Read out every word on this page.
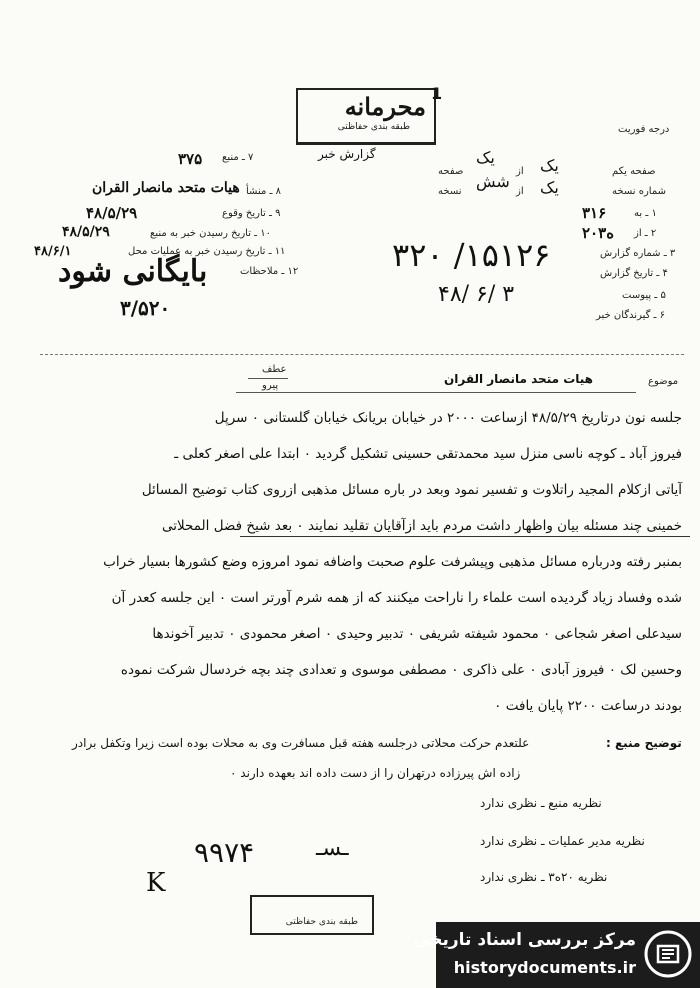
محرمانه
طبقه بندی حفاظتی
1
گزارش خبر
درجه فوریت
۷ ـ منبع
۳۷۵
۸ ـ منشأ
هیات متحد مانصار القران
۹ ـ تاریخ وقوع
۴۸/۵/۲۹
۱۰ ـ تاریخ رسیدن خبر به منبع
۴۸/۵/۲۹
۱۱ ـ تاریخ رسیدن خبر به عملیات محل
۴۸/۶/۱
۱۲ ـ ملاحظات
بایگانی شود
۳/۵۲۰
صفحه یکم
شماره نسخه
یک
از
یک
صفحه
یک
از
شش
نسخه
۱ ـ به
۳۱۶
۲ ـ از
۲۰ه۳
۳ ـ شماره گزارش
۴ ـ تاریخ گزارش
۵ ـ پیوست
۶ ـ گیرندگان خبر
۳۲۰ /۱۵۱۲۶
۴۸/ ۶/ ۳
موضوع
هیات متحد مانصار القران
عطف
پیرو
جلسه نون درتاریخ ۴۸/۵/۲۹ ازساعت ۲۰۰۰ در خیابان بریانک خیابان گلستانی ۰ سرپل
فیروز آباد ـ کوچه ناسی منزل سید محمدتقی حسینی تشکیل گردید ۰ ابتدا علی اصغر کعلی ـ
آیاتی ازکلام المجید راتلاوت و تفسیر نمود وبعد در باره مسائل مذهبی ازروی کتاب توضیح المسائل
خمینی چند مسئله بیان واظهار داشت مردم باید ازآقایان تقلید نمایند ۰ بعد شیخ فضل المحلاتی
بمنبر رفته ودرباره مسائل مذهبی وپیشرفت علوم صحبت واضافه نمود امروزه وضع کشورها بسیار خراب
شده وفساد زیاد گردیده است علماء را ناراحت میکنند که از همه شرم آورتر است ۰ این جلسه کعدر آن
سیدعلی اصغر شجاعی ۰ محمود شیفته شریفی ۰ تدبیر وحیدی ۰ اصغر محمودی ۰ تدبیر آخوندها
وحسین لک ۰ فیروز آبادی ۰ علی ذاکری ۰ مصطفی موسوی و تعدادی چند بچه خردسال شرکت نموده
بودند درساعت ۲۲۰۰ پایان یافت ۰
توضیح منبع :
علتعدم حرکت محلاتی درجلسه هفته قبل مسافرت وی به محلات بوده است زیرا وتکفل برادر
زاده اش پیرزاده درتهران را از دست داده اند بعهده دارند ۰
نظریه منبع ـ نظری ندارد
نظریه مدیر عملیات ـ نظری ندارد
نظریه ۲۰ه۳ ـ نظری ندارد
۹۹۷۴
K
ـسـ
طبقه بندی حفاظتی
مرکز بررسی اسناد تاریخی
historydocuments.ir
